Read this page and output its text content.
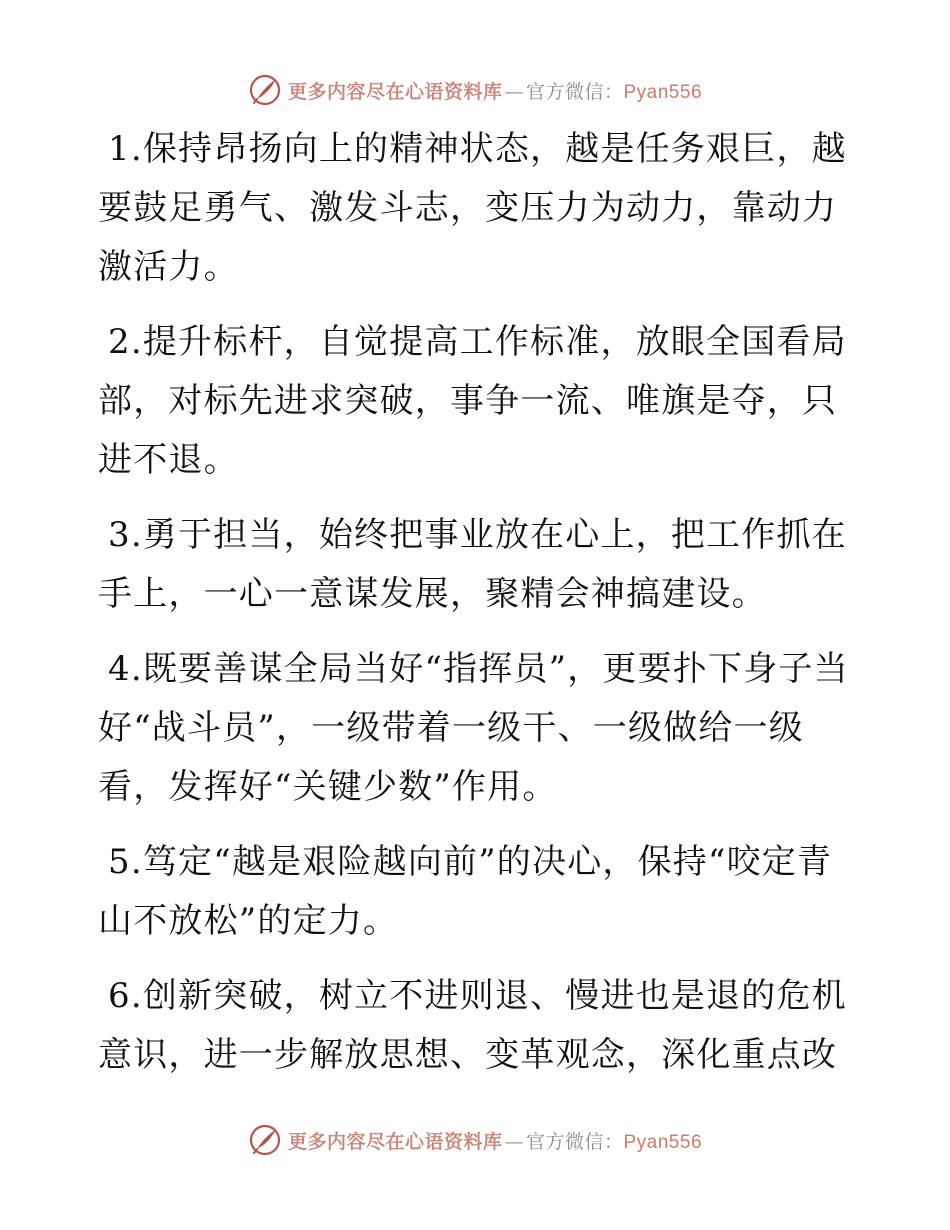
更多内容尽在心语资料库 — 官方微信： Pyan556

1.保持昂扬向上的精神状态，越是任务艰巨，越要鼓足勇气、激发斗志，变压力为动力，靠动力激活力。

2.提升标杆，自觉提高工作标准，放眼全国看局部，对标先进求突破，事争一流、唯旗是夺，只进不退。

3.勇于担当，始终把事业放在心上，把工作抓在手上，一心一意谋发展，聚精会神搞建设。

4.既要善谋全局当好“指挥员”，更要扑下身子当好“战斗员”，一级带着一级干、一级做给一级看，发挥好“关键少数”作用。

5.笃定“越是艰险越向前”的决心，保持“咬定青山不放松”的定力。

6.创新突破，树立不进则退、慢进也是退的危机意识，进一步解放思想、变革观念，深化重点改

更多内容尽在心语资料库 — 官方微信： Pyan556
